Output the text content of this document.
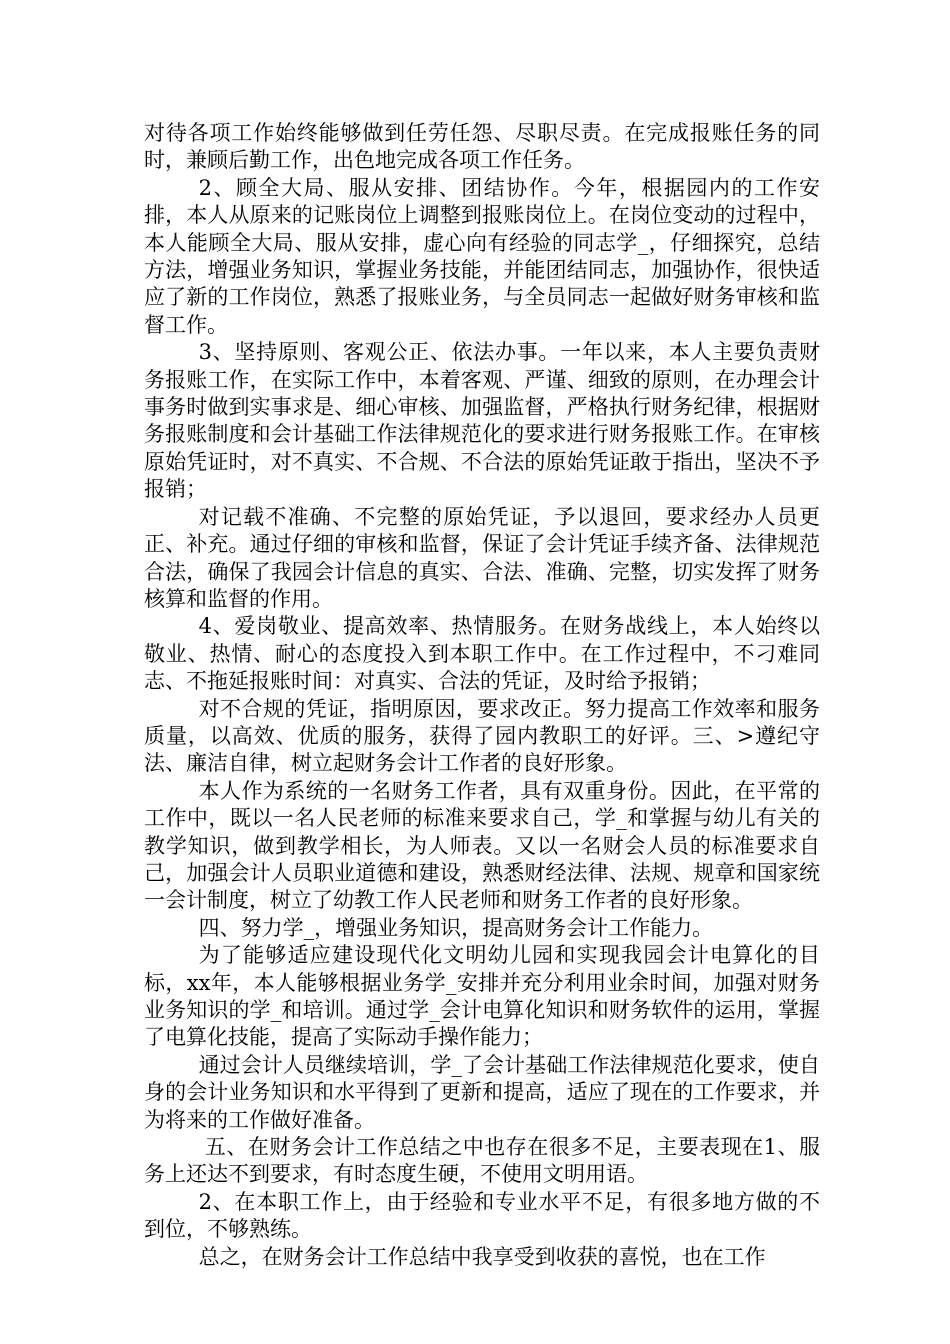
对待各项工作始终能够做到任劳任怨、尽职尽责。在完成报账任务的同时，兼顾后勤工作，出色地完成各项工作任务。

2、顾全大局、服从安排、团结协作。今年，根据园内的工作安排，本人从原来的记账岗位上调整到报账岗位上。在岗位变动的过程中，本人能顾全大局、服从安排，虚心向有经验的同志学_，仔细探究，总结方法，增强业务知识，掌握业务技能，并能团结同志，加强协作，很快适应了新的工作岗位，熟悉了报账业务，与全员同志一起做好财务审核和监督工作。

3、坚持原则、客观公正、依法办事。一年以来，本人主要负责财务报账工作，在实际工作中，本着客观、严谨、细致的原则，在办理会计事务时做到实事求是、细心审核、加强监督，严格执行财务纪律，根据财务报账制度和会计基础工作法律规范化的要求进行财务报账工作。在审核原始凭证时，对不真实、不合规、不合法的原始凭证敢于指出，坚决不予报销；

对记载不准确、不完整的原始凭证，予以退回，要求经办人员更正、补充。通过仔细的审核和监督，保证了会计凭证手续齐备、法律规范合法，确保了我园会计信息的真实、合法、准确、完整，切实发挥了财务核算和监督的作用。

4、爱岗敬业、提高效率、热情服务。在财务战线上，本人始终以敬业、热情、耐心的态度投入到本职工作中。在工作过程中，不刁难同志、不拖延报账时间：对真实、合法的凭证，及时给予报销；

对不合规的凭证，指明原因，要求改正。努力提高工作效率和服务质量，以高效、优质的服务，获得了园内教职工的好评。三、>遵纪守法、廉洁自律，树立起财务会计工作者的良好形象。

本人作为系统的一名财务工作者，具有双重身份。因此，在平常的工作中，既以一名人民老师的标准来要求自己，学_和掌握与幼儿有关的教学知识，做到教学相长，为人师表。又以一名财会人员的标准要求自己，加强会计人员职业道德和建设，熟悉财经法律、法规、规章和国家统一会计制度，树立了幼教工作人民老师和财务工作者的良好形象。

四、努力学_，增强业务知识，提高财务会计工作能力。

为了能够适应建设现代化文明幼儿园和实现我园会计电算化的目标，xx年，本人能够根据业务学_安排并充分利用业余时间，加强对财务业务知识的学_和培训。通过学_会计电算化知识和财务软件的运用，掌握了电算化技能，提高了实际动手操作能力；

通过会计人员继续培训，学_了会计基础工作法律规范化要求，使自身的会计业务知识和水平得到了更新和提高，适应了现在的工作要求，并为将来的工作做好准备。

五、在财务会计工作总结之中也存在很多不足，主要表现在1、服务上还达不到要求，有时态度生硬，不使用文明用语。

2、在本职工作上，由于经验和专业水平不足，有很多地方做的不到位，不够熟练。

总之，在财务会计工作总结中我享受到收获的喜悦，也在工作
